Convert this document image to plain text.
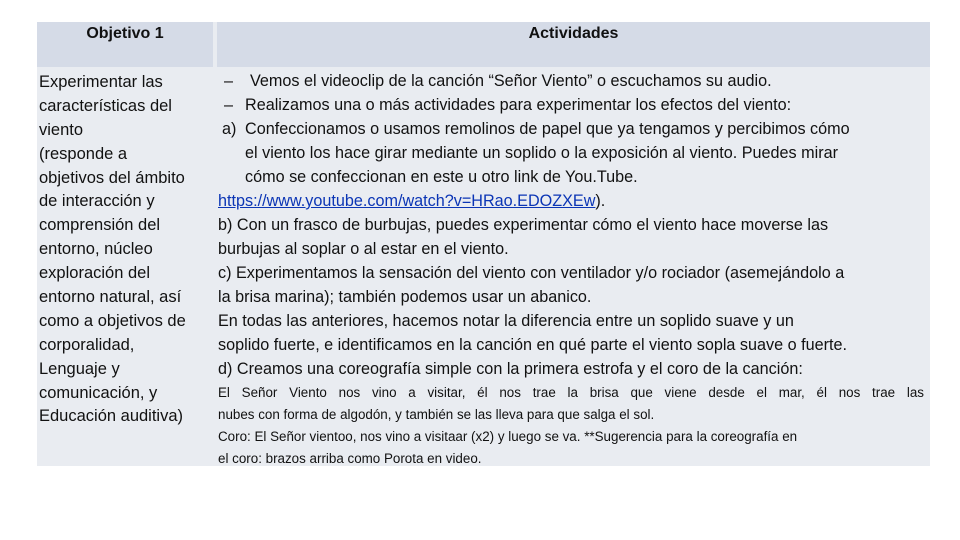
Objetivo 1	Actividades
Experimentar las
características del
viento
(responde a
objetivos del ámbito
de interacción y
comprensión del
entorno, núcleo
exploración del
entorno natural, así
como a objetivos de
corporalidad,
Lenguaje y
comunicación, y
Educación auditiva)
– Vemos el videoclip de la canción “Señor Viento” o escuchamos su audio.
– Realizamos una o más actividades para experimentar los efectos del viento:
a) Confeccionamos o usamos remolinos de papel que ya tengamos y percibimos cómo
el viento los hace girar mediante un soplido o la exposición al viento. Puedes mirar
cómo se confeccionan en este u otro link de You.Tube.
https://www.youtube.com/watch?v=HRao.EDOZXEw).
b) Con un frasco de burbujas, puedes experimentar cómo el viento hace moverse las
burbujas al soplar o al estar en el viento.
c) Experimentamos la sensación del viento con ventilador y/o rociador (asemejándolo a
la brisa marina); también podemos usar un abanico.
En todas las anteriores, hacemos notar la diferencia entre un soplido suave y un
soplido fuerte, e identificamos en la canción en qué parte el viento sopla suave o fuerte.
d) Creamos una coreografía simple con la primera estrofa y el coro de la canción:
El Señor Viento nos vino a visitar, él nos trae la brisa que viene desde el mar, él nos trae las
nubes con forma de algodón, y también se las lleva para que salga el sol.
Coro: El Señor vientoo, nos vino a visitaar (x2) y luego se va. **Sugerencia para la coreografía en
el coro: brazos arriba como Porota en video.
